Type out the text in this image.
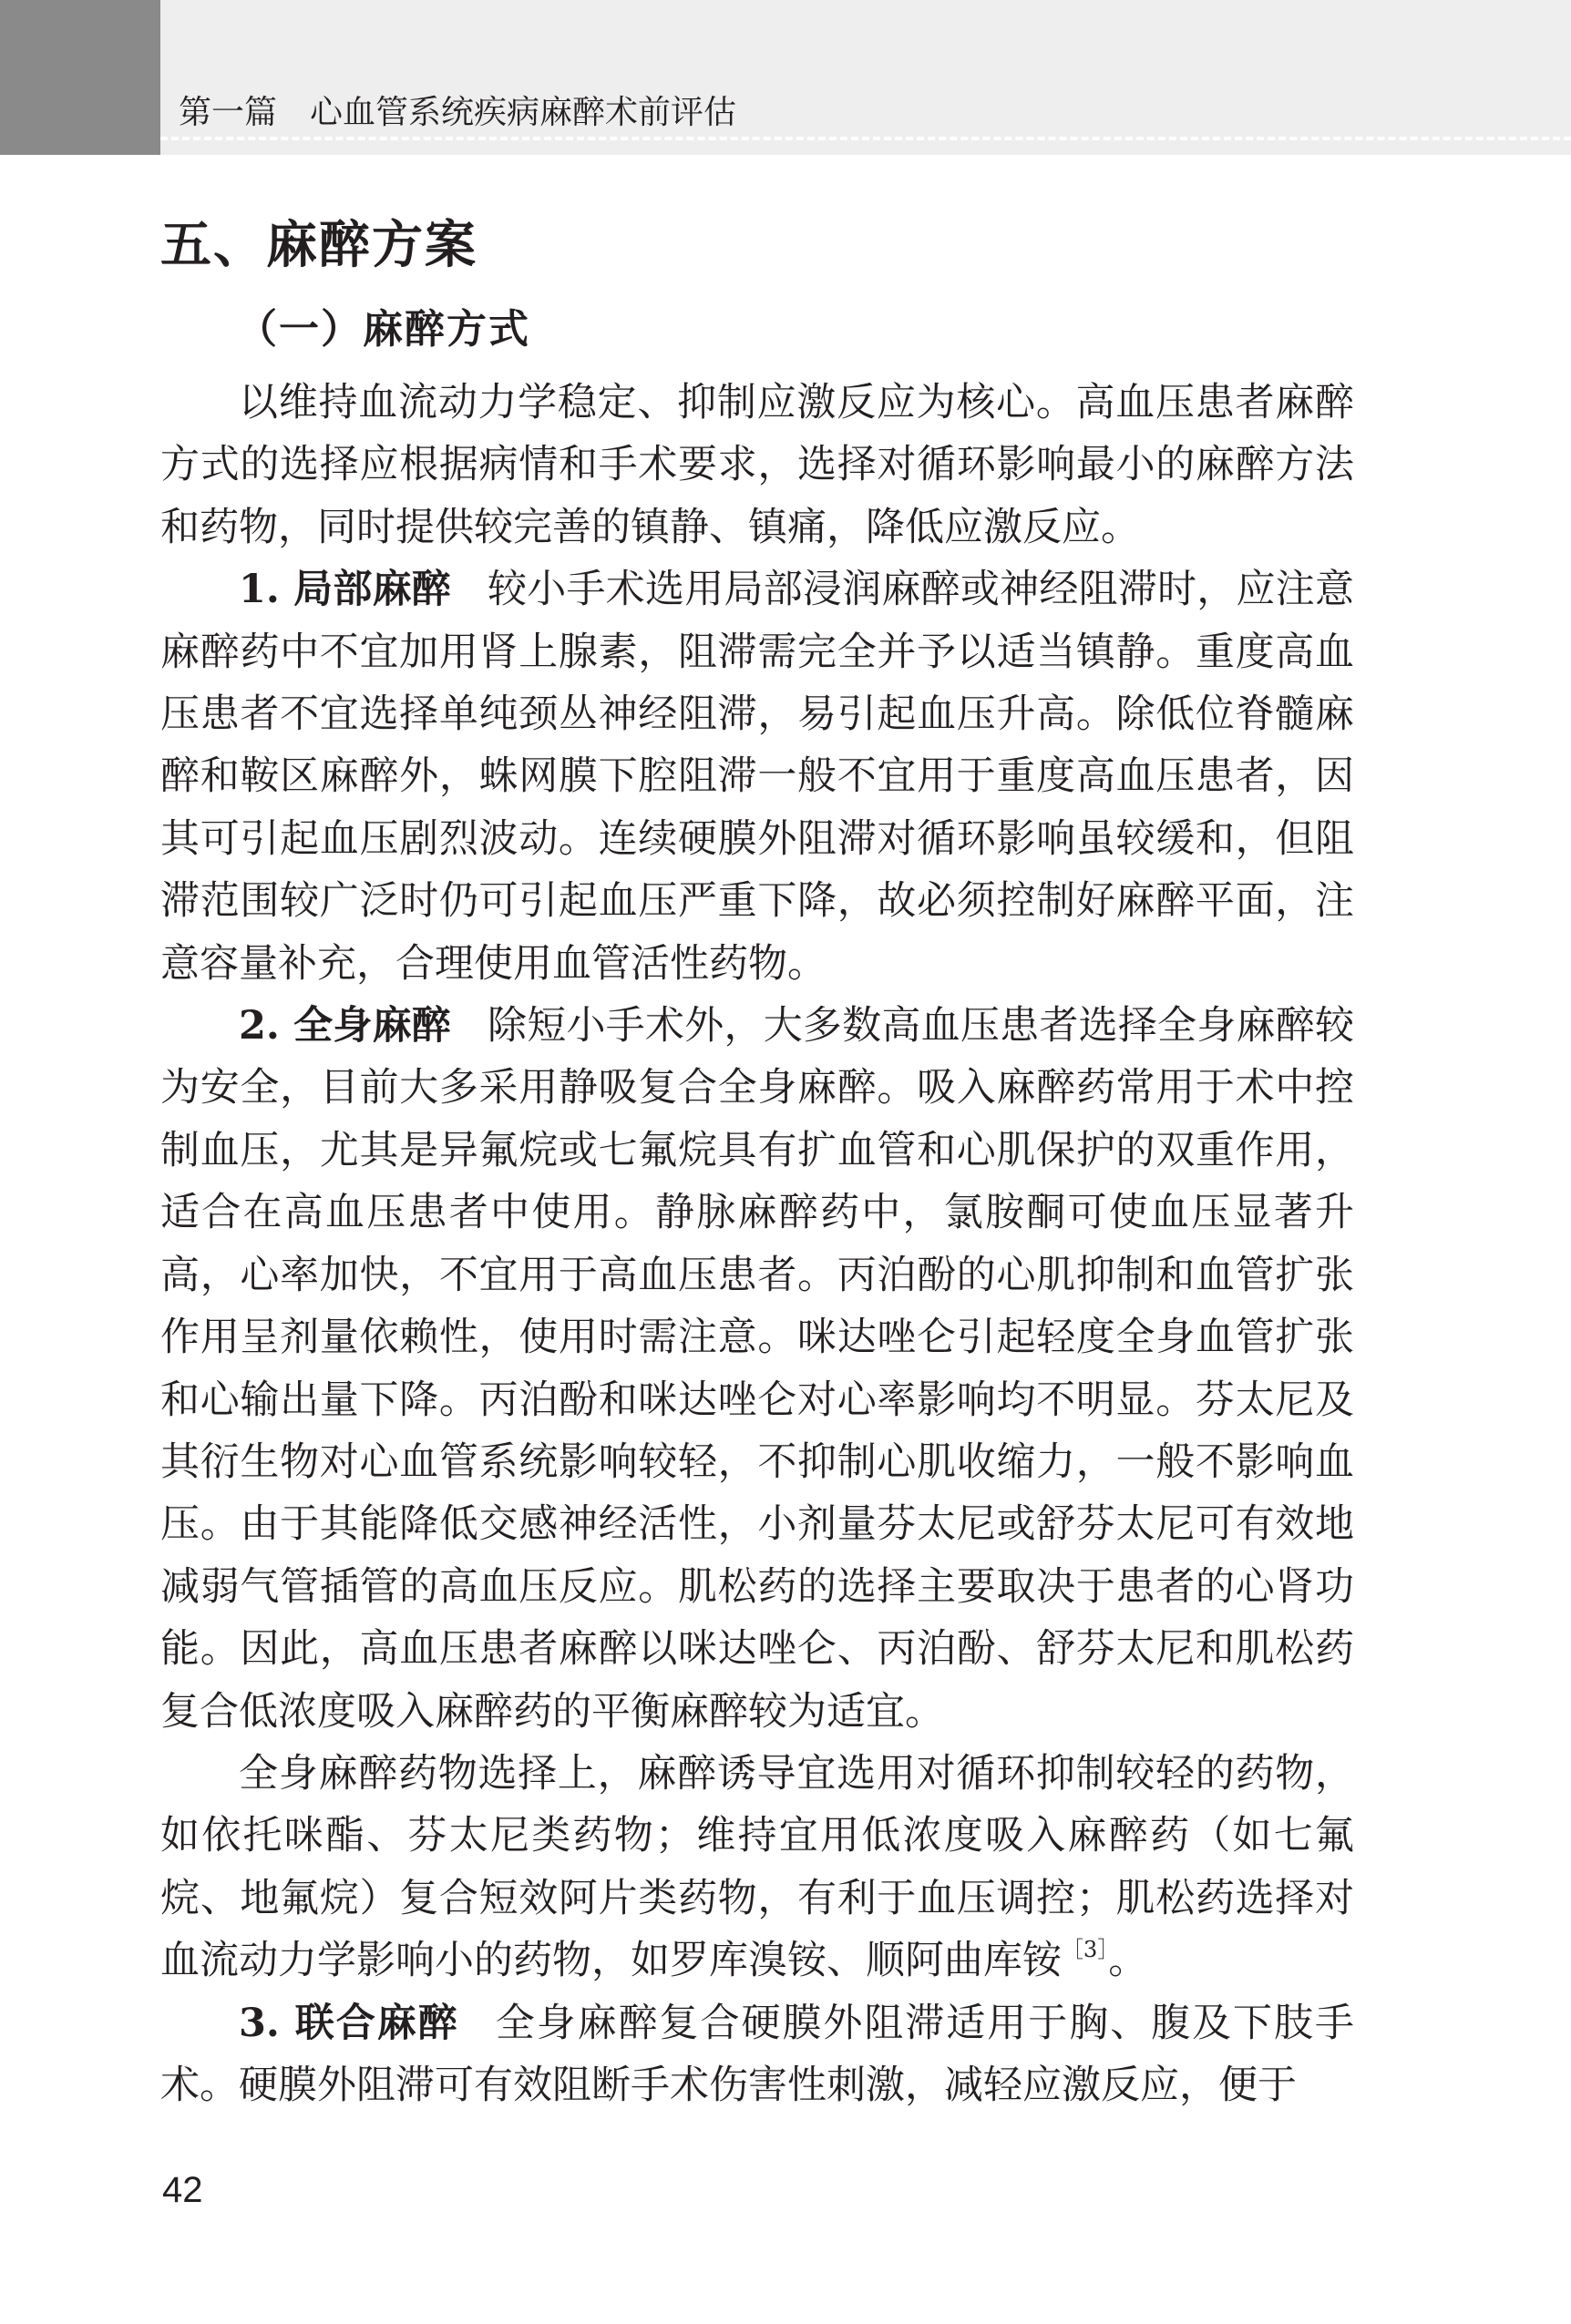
第一篇　心血管系统疾病麻醉术前评估
五、麻醉方案
（一）麻醉方式

以维持血流动力学稳定、抑制应激反应为核心。高血压患者麻醉方式的选择应根据病情和手术要求，选择对循环影响最小的麻醉方法和药物，同时提供较完善的镇静、镇痛，降低应激反应。

1. 局部麻醉 较小手术选用局部浸润麻醉或神经阻滞时，应注意麻醉药中不宜加用肾上腺素，阻滞需完全并予以适当镇静。重度高血压患者不宜选择单纯颈丛神经阻滞，易引起血压升高。除低位脊髓麻醉和鞍区麻醉外，蛛网膜下腔阻滞一般不宜用于重度高血压患者，因其可引起血压剧烈波动。连续硬膜外阻滞对循环影响虽较缓和，但阻滞范围较广泛时仍可引起血压严重下降，故必须控制好麻醉平面，注意容量补充，合理使用血管活性药物。

2. 全身麻醉 除短小手术外，大多数高血压患者选择全身麻醉较为安全，目前大多采用静吸复合全身麻醉。吸入麻醉药常用于术中控制血压，尤其是异氟烷或七氟烷具有扩血管和心肌保护的双重作用，适合在高血压患者中使用。静脉麻醉药中，氯胺酮可使血压显著升高，心率加快，不宜用于高血压患者。丙泊酚的心肌抑制和血管扩张作用呈剂量依赖性，使用时需注意。咪达唑仑引起轻度全身血管扩张和心输出量下降。丙泊酚和咪达唑仑对心率影响均不明显。芬太尼及其衍生物对心血管系统影响较轻，不抑制心肌收缩力，一般不影响血压。由于其能降低交感神经活性，小剂量芬太尼或舒芬太尼可有效地减弱气管插管的高血压反应。肌松药的选择主要取决于患者的心肾功能。因此，高血压患者麻醉以咪达唑仑、丙泊酚、舒芬太尼和肌松药复合低浓度吸入麻醉药的平衡麻醉较为适宜。

全身麻醉药物选择上，麻醉诱导宜选用对循环抑制较轻的药物，如依托咪酯、芬太尼类药物；维持宜用低浓度吸入麻醉药（如七氟烷、地氟烷）复合短效阿片类药物，有利于血压调控；肌松药选择对血流动力学影响小的药物，如罗库溴铵、顺阿曲库铵$^{[3]}$。

3. 联合麻醉 全身麻醉复合硬膜外阻滞适用于胸、腹及下肢手术。硬膜外阻滞可有效阻断手术伤害性刺激，减轻应激反应，便于

42
